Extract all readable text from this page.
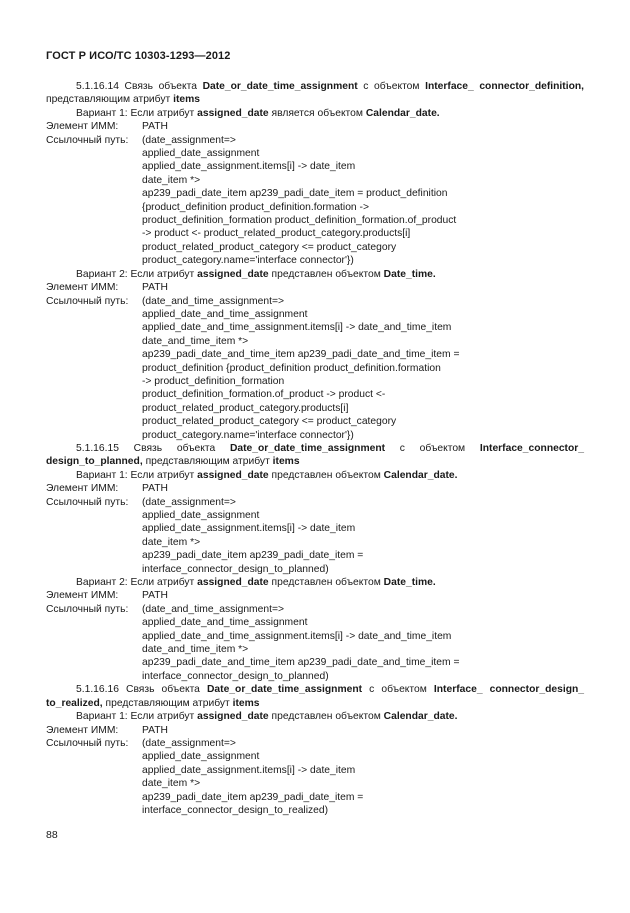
ГОСТ Р ИСО/ТС 10303-1293—2012
5.1.16.14 Связь объекта Date_or_date_time_assignment с объектом Interface_ connector_definition,
представляющим атрибут items
Вариант 1: Если атрибут assigned_date является объектом Calendar_date.
Элемент ИММ:	PATH
Ссылочный путь:	(date_assignment=>
applied_date_assignment
applied_date_assignment.items[i] -> date_item
date_item *>
ap239_padi_date_item ap239_padi_date_item = product_definition
{product_definition product_definition.formation ->
product_definition_formation product_definition_formation.of_product
-> product <- product_related_product_category.products[i]
product_related_product_category <= product_category
product_category.name='interface connector'})
Вариант 2: Если атрибут assigned_date представлен объектом Date_time.
Элемент ИММ:	PATH
Ссылочный путь:	(date_and_time_assignment=>
applied_date_and_time_assignment
applied_date_and_time_assignment.items[i] -> date_and_time_item
date_and_time_item *>
ap239_padi_date_and_time_item ap239_padi_date_and_time_item =
product_definition {product_definition product_definition.formation
-> product_definition_formation
product_definition_formation.of_product -> product <-
product_related_product_category.products[i]
product_related_product_category <= product_category
product_category.name='interface connector'})
5.1.16.15 Связь объекта Date_or_date_time_assignment с объектом Interface_connector_
design_to_planned, представляющим атрибут items
Вариант 1: Если атрибут assigned_date представлен объектом Calendar_date.
Элемент ИММ:	PATH
Ссылочный путь:	(date_assignment=>
applied_date_assignment
applied_date_assignment.items[i] -> date_item
date_item *>
ap239_padi_date_item ap239_padi_date_item =
interface_connector_design_to_planned)
Вариант 2: Если атрибут assigned_date представлен объектом Date_time.
Элемент ИММ:	PATH
Ссылочный путь:	(date_and_time_assignment=>
applied_date_and_time_assignment
applied_date_and_time_assignment.items[i] -> date_and_time_item
date_and_time_item *>
ap239_padi_date_and_time_item ap239_padi_date_and_time_item =
interface_connector_design_to_planned)
5.1.16.16 Связь объекта Date_or_date_time_assignment с объектом Interface_ connector_design_
to_realized, представляющим атрибут items
Вариант 1: Если атрибут assigned_date представлен объектом Calendar_date.
Элемент ИММ:	PATH
Ссылочный путь:	(date_assignment=>
applied_date_assignment
applied_date_assignment.items[i] -> date_item
date_item *>
ap239_padi_date_item ap239_padi_date_item =
interface_connector_design_to_realized)
88
